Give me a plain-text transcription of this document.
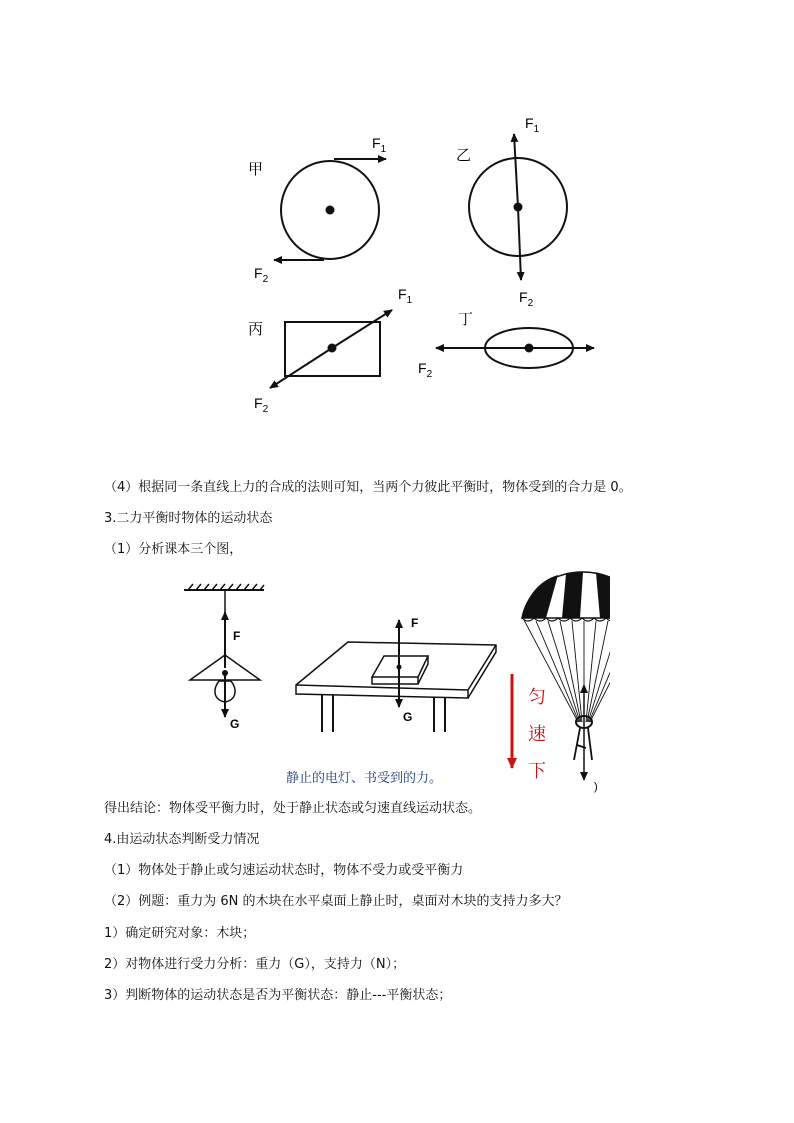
甲
$F_1$
$F_2$
乙
$F_1$
$F_2$
丙
$F_1$
$F_2$
丁
$F_2$
（4）根据同一条直线上力的合成的法则可知，当两个力彼此平衡时，物体受到的合力是 0。
3.二力平衡时物体的运动状态
（1）分析课本三个图，
F
G
F
G
静止的电灯、书受到的力。
匀
速
下
)
得出结论：物体受平衡力时，处于静止状态或匀速直线运动状态。
4.由运动状态判断受力情况
（1）物体处于静止或匀速运动状态时，物体不受力或受平衡力
（2）例题：重力为 6N 的木块在水平桌面上静止时，桌面对木块的支持力多大？
1）确定研究对象：木块；
2）对物体进行受力分析：重力（G），支持力（N）；
3）判断物体的运动状态是否为平衡状态：静止---平衡状态；
